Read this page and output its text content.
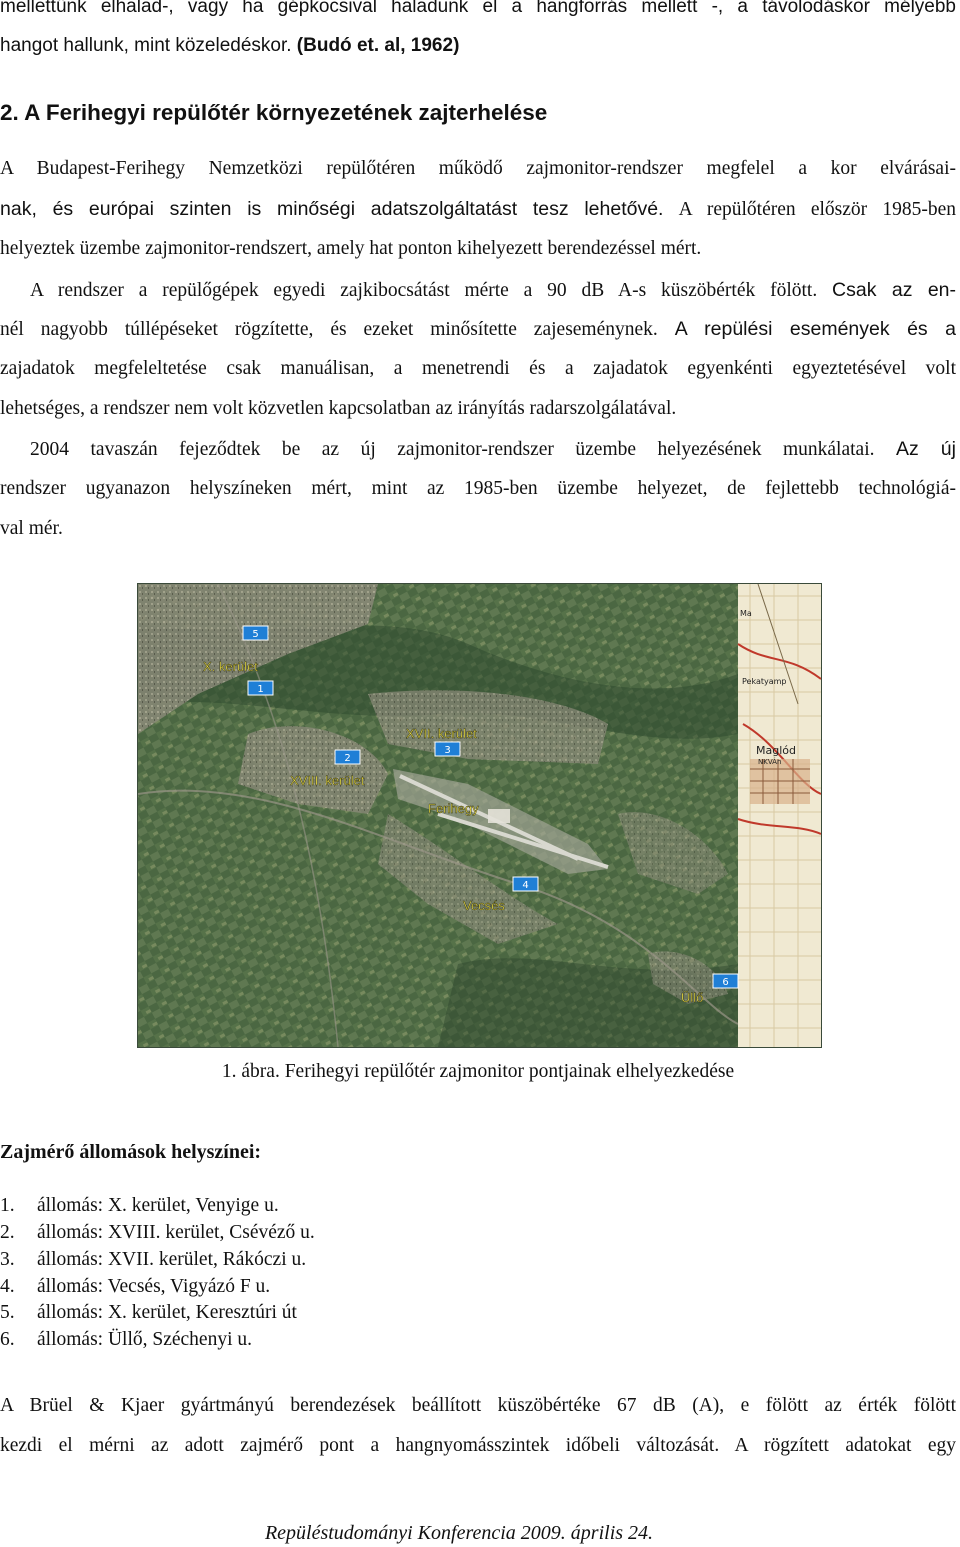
mellettünk elhalad-, vagy ha gépkocsival haladunk el a hangforrás mellett -, a távolodáskor mélyebb
hangot hallunk, mint közeledéskor. (Budó et. al, 1962)
2. A Ferihegyi repülőtér környezetének zajterhelése
A Budapest-Ferihegy Nemzetközi repülőtéren működő zajmonitor-rendszer megfelel a kor elvárásai-
nak, és európai szinten is minőségi adatszolgáltatást tesz lehetővé. A repülőtéren először 1985-ben
helyeztek üzembe zajmonitor-rendszert, amely hat ponton kihelyezett berendezéssel mért.
A rendszer a repülőgépek egyedi zajkibocsátást mérte a 90 dB A-s küszöbérték fölött. Csak az en-
nél nagyobb túllépéseket rögzítette, és ezeket minősítette zajeseménynek. A repülési események és a
zajadatok megfeleltetése csak manuálisan, a menetrendi és a zajadatok egyenkénti egyeztetésével volt
lehetséges, a rendszer nem volt közvetlen kapcsolatban az irányítás radarszolgálatával.
2004 tavaszán fejeződtek be az új zajmonitor-rendszer üzembe helyezésének munkálatai. Az új
rendszer ugyanazon helyszíneken mért, mint az 1985-ben üzembe helyezet, de fejlettebb technológiá-
val mér.
Maglód
NKVÁn
Pekatyamp
Ma
X. kerület
XVII. kerület
XVIII. kerület
Ferihegy
Vecsés
Üllő
5
1
3
2
4
6
1. ábra. Ferihegyi repülőtér zajmonitor pontjainak elhelyezkedése
Zajmérő állomások helyszínei:
1. állomás: X. kerület, Venyige u.
2. állomás: XVIII. kerület, Csévéző u.
3. állomás: XVII. kerület, Rákóczi u.
4. állomás: Vecsés, Vigyázó F u.
5. állomás: X. kerület, Keresztúri út
6. állomás: Üllő, Széchenyi u.
A Brüel & Kjaer gyártmányú berendezések beállított küszöbértéke 67 dB (A), e fölött az érték fölött
kezdi el mérni az adott zajmérő pont a hangnyomásszintek időbeli változását. A rögzített adatokat egy
Repüléstudományi Konferencia 2009. április 24.
